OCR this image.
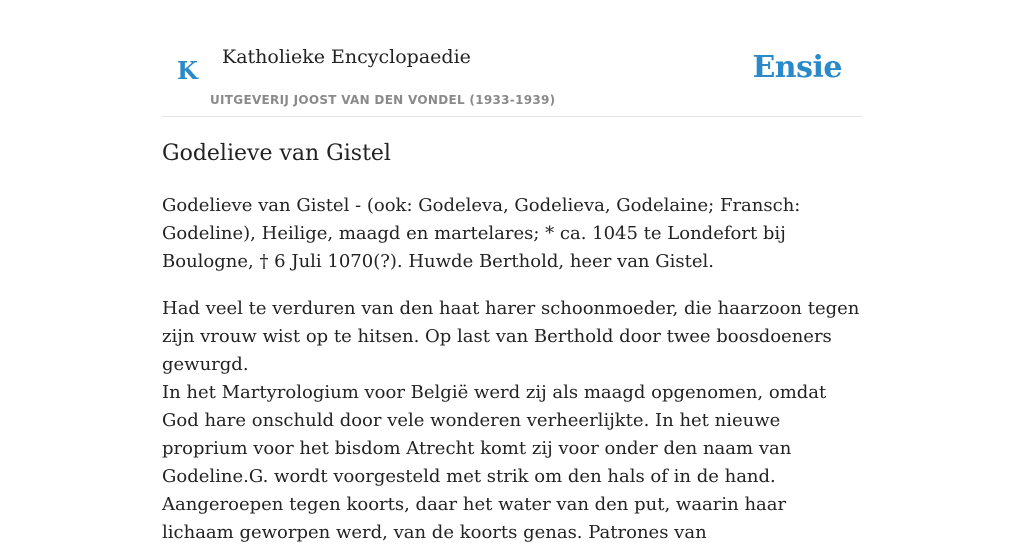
K Katholieke Encyclopaedie
UITGEVERIJ JOOST VAN DEN VONDEL (1933-1939)
Ensie
Godelieve van Gistel

Godelieve van Gistel - (ook: Godeleva, Godelieva, Godelaine; Fransch: Godeline), Heilige, maagd en martelares; * ca. 1045 te Londefort bij Boulogne, † 6 Juli 1070(?). Huwde Berthold, heer van Gistel.

Had veel te verduren van den haat harer schoonmoeder, die haarzoon tegen zijn vrouw wist op te hitsen. Op last van Berthold door twee boosdoeners gewurgd.

In het Martyrologium voor België werd zij als maagd opgenomen, omdat God hare onschuld door vele wonderen verheerlijkte. In het nieuwe proprium voor het bisdom Atrecht komt zij voor onder den naam van Godeline.G. wordt voorgesteld met strik om den hals of in de hand. Aangeroepen tegen koorts, daar het water van den put, waarin haar lichaam geworpen werd, van de koorts genas. Patrones van
